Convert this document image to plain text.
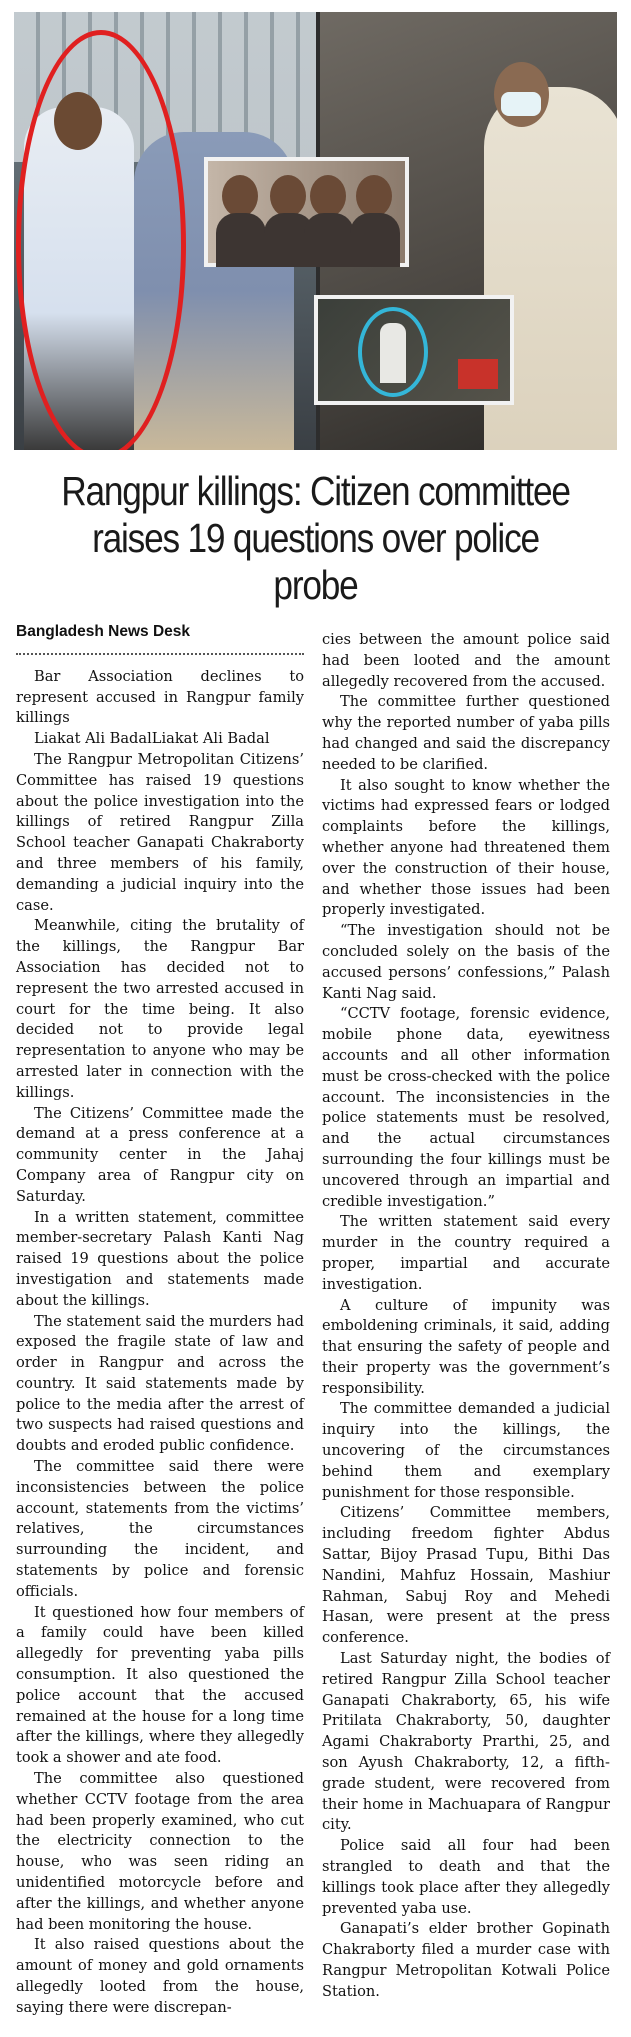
Rangpur killings: Citizen committee raises 19 questions over police probe

Bangladesh News Desk

Bar Association declines to represent accused in Rangpur family killings

Liakat Ali BadalLiakat Ali Badal

The Rangpur Metropolitan Citizens’ Committee has raised 19 questions about the police investigation into the killings of retired Rangpur Zilla School teacher Ganapati Chakraborty and three members of his family, demanding a judicial inquiry into the case.

Meanwhile, citing the brutality of the killings, the Rangpur Bar Association has decided not to represent the two arrested accused in court for the time being. It also decided not to provide legal representation to anyone who may be arrested later in connection with the killings.

The Citizens’ Committee made the demand at a press conference at a community center in the Jahaj Company area of Rangpur city on Saturday.

In a written statement, committee member-secretary Palash Kanti Nag raised 19 questions about the police investigation and statements made about the killings.

The statement said the murders had exposed the fragile state of law and order in Rangpur and across the country. It said statements made by police to the media after the arrest of two suspects had raised questions and doubts and eroded public confidence.

The committee said there were inconsistencies between the police account, statements from the victims’ relatives, the circumstances surrounding the incident, and statements by police and forensic officials.

It questioned how four members of a family could have been killed allegedly for preventing yaba pills consumption. It also questioned the police account that the accused remained at the house for a long time after the killings, where they allegedly took a shower and ate food.

The committee also questioned whether CCTV footage from the area had been properly examined, who cut the electricity connection to the house, who was seen riding an unidentified motorcycle before and after the killings, and whether anyone had been monitoring the house.

It also raised questions about the amount of money and gold ornaments allegedly looted from the house, saying there were discrepan-

cies between the amount police said had been looted and the amount allegedly recovered from the accused.

The committee further questioned why the reported number of yaba pills had changed and said the discrepancy needed to be clarified.

It also sought to know whether the victims had expressed fears or lodged complaints before the killings, whether anyone had threatened them over the construction of their house, and whether those issues had been properly investigated.

“The investigation should not be concluded solely on the basis of the accused persons’ confessions,” Palash Kanti Nag said.

“CCTV footage, forensic evidence, mobile phone data, eyewitness accounts and all other information must be cross-checked with the police account. The inconsistencies in the police statements must be resolved, and the actual circumstances surrounding the four killings must be uncovered through an impartial and credible investigation.”

The written statement said every murder in the country required a proper, impartial and accurate investigation.

A culture of impunity was emboldening criminals, it said, adding that ensuring the safety of people and their property was the government’s responsibility.

The committee demanded a judicial inquiry into the killings, the uncovering of the circumstances behind them and exemplary punishment for those responsible.

Citizens’ Committee members, including freedom fighter Abdus Sattar, Bijoy Prasad Tupu, Bithi Das Nandini, Mahfuz Hossain, Mashiur Rahman, Sabuj Roy and Mehedi Hasan, were present at the press conference.

Last Saturday night, the bodies of retired Rangpur Zilla School teacher Ganapati Chakraborty, 65, his wife Pritilata Chakraborty, 50, daughter Agami Chakraborty Prarthi, 25, and son Ayush Chakraborty, 12, a fifth-grade student, were recovered from their home in Machuapara of Rangpur city.

Police said all four had been strangled to death and that the killings took place after they allegedly prevented yaba use.

Ganapati’s elder brother Gopinath Chakraborty filed a murder case with Rangpur Metropolitan Kotwali Police Station.
